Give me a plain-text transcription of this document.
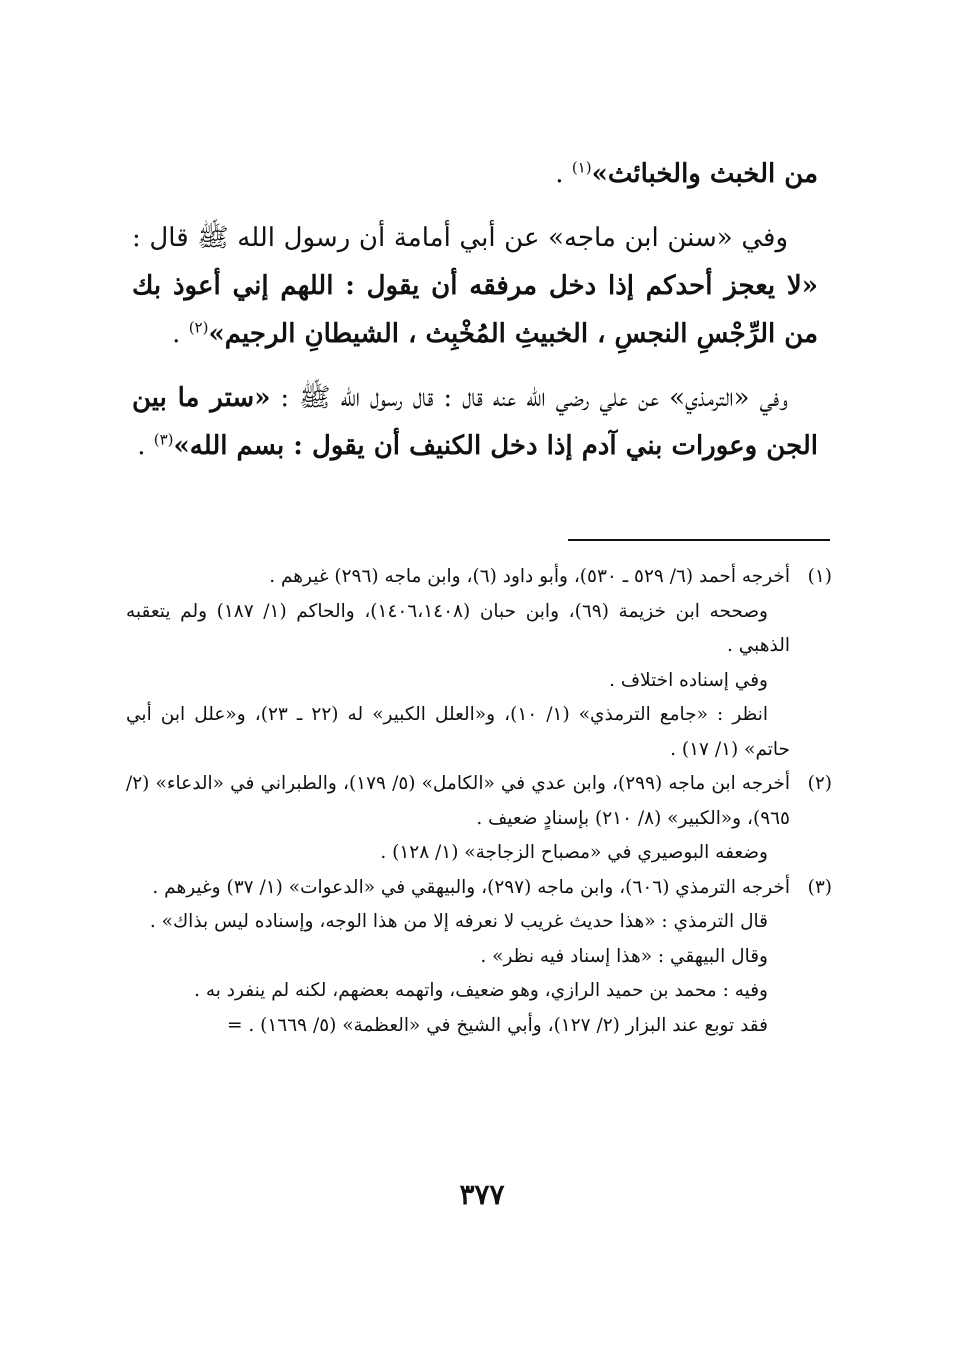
من الخبث والخبائث»$^{(١)}$ .

وفي «سنن ابن ماجه» عن أبي أمامة أن رسول الله ﷺ قال : «لا يعجز أحدكم إذا دخل مرفقه أن يقول : اللهم إني أعوذ بك من الرِّجْسِ النجسِ ، الخبيثِ المُخْبِث ، الشيطانِ الرجيم»$^{(٢)}$ .

وفي «الترمذي» عن علي رضي الله عنه قال : قال رسول الله ﷺ : «ستر ما بين الجن وعورات بني آدم إذا دخل الكنيف أن يقول : بسم الله»$^{(٣)}$ .

(١)

أخرجه أحمد (٦/ ٥٢٩ ـ ٥٣٠)، وأبو داود (٦)، وابن ماجه (٢٩٦) غيرهم .

وصححه ابن خزيمة (٦٩)، وابن حبان (١٤٠٦،١٤٠٨)، والحاكم (١/ ١٨٧) ولم يتعقبه الذهبي .

وفي إسناده اختلاف .

انظر : «جامع الترمذي» (١/ ١٠)، و«العلل الكبير» له (٢٢ ـ ٢٣)، و«علل ابن أبي حاتم» (١/ ١٧) .

(٢)

أخرجه ابن ماجه (٢٩٩)، وابن عدي في «الكامل» (٥/ ١٧٩)، والطبراني في «الدعاء» (٢/ ٩٦٥)، و«الكبير» (٨/ ٢١٠) بإسنادٍ ضعيف .

وضعفه البوصيري في «مصباح الزجاجة» (١/ ١٢٨) .

(٣)

أخرجه الترمذي (٦٠٦)، وابن ماجه (٢٩٧)، والبيهقي في «الدعوات» (١/ ٣٧) وغيرهم .

قال الترمذي : «هذا حديث غريب لا نعرفه إلا من هذا الوجه، وإسناده ليس بذاك» .

وقال البيهقي : «هذا إسناد فيه نظر» .

وفيه : محمد بن حميد الرازي، وهو ضعيف، واتهمه بعضهم، لكنه لم ينفرد به .

فقد توبع عند البزار (٢/ ١٢٧)، وأبي الشيخ في «العظمة» (٥/ ١٦٦٩) . =

٣٧٧
